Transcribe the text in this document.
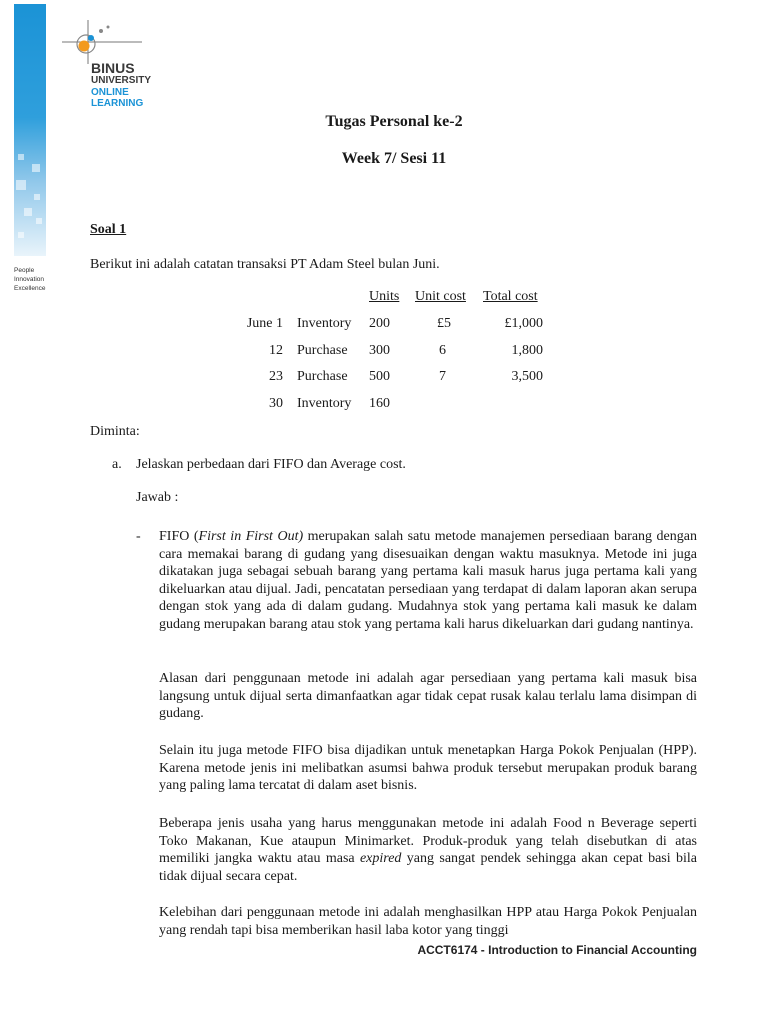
People
Innovation
Excellence
BINUS
UNIVERSITY
ONLINE
LEARNING
Tugas Personal ke-2
Week 7/ Sesi 11
Soal 1
Berikut ini adalah catatan transaksi PT Adam Steel bulan Juni.
Units Unit cost Total cost
June 1 Inventory 200	£5	£1,000
12 Purchase 300	6	1,800
23 Purchase 500	7	3,500
30 Inventory 160
Diminta:
a. Jelaskan perbedaan dari FIFO dan Average cost.
Jawab :
- FIFO (First in First Out) merupakan salah satu metode manajemen persediaan barang dengan cara memakai barang di gudang yang disesuaikan dengan waktu masuknya. Metode ini juga dikatakan juga sebagai sebuah barang yang pertama kali masuk harus juga pertama kali yang dikeluarkan atau dijual. Jadi, pencatatan persediaan yang terdapat di dalam laporan akan serupa dengan stok yang ada di dalam gudang. Mudahnya stok yang pertama kali masuk ke dalam gudang merupakan barang atau stok yang pertama kali harus dikeluarkan dari gudang nantinya.
Alasan dari penggunaan metode ini adalah agar persediaan yang pertama kali masuk bisa langsung untuk dijual serta dimanfaatkan agar tidak cepat rusak kalau terlalu lama disimpan di gudang.
Selain itu juga metode FIFO bisa dijadikan untuk menetapkan Harga Pokok Penjualan (HPP). Karena metode jenis ini melibatkan asumsi bahwa produk tersebut merupakan produk barang yang paling lama tercatat di dalam aset bisnis.
Beberapa jenis usaha yang harus menggunakan metode ini adalah Food n Beverage seperti Toko Makanan, Kue ataupun Minimarket. Produk-produk yang telah disebutkan di atas memiliki jangka waktu atau masa expired yang sangat pendek sehingga akan cepat basi bila tidak dijual secara cepat.
Kelebihan dari penggunaan metode ini adalah menghasilkan HPP atau Harga Pokok Penjualan yang rendah tapi bisa memberikan hasil laba kotor yang tinggi
ACCT6174 - Introduction to Financial Accounting
